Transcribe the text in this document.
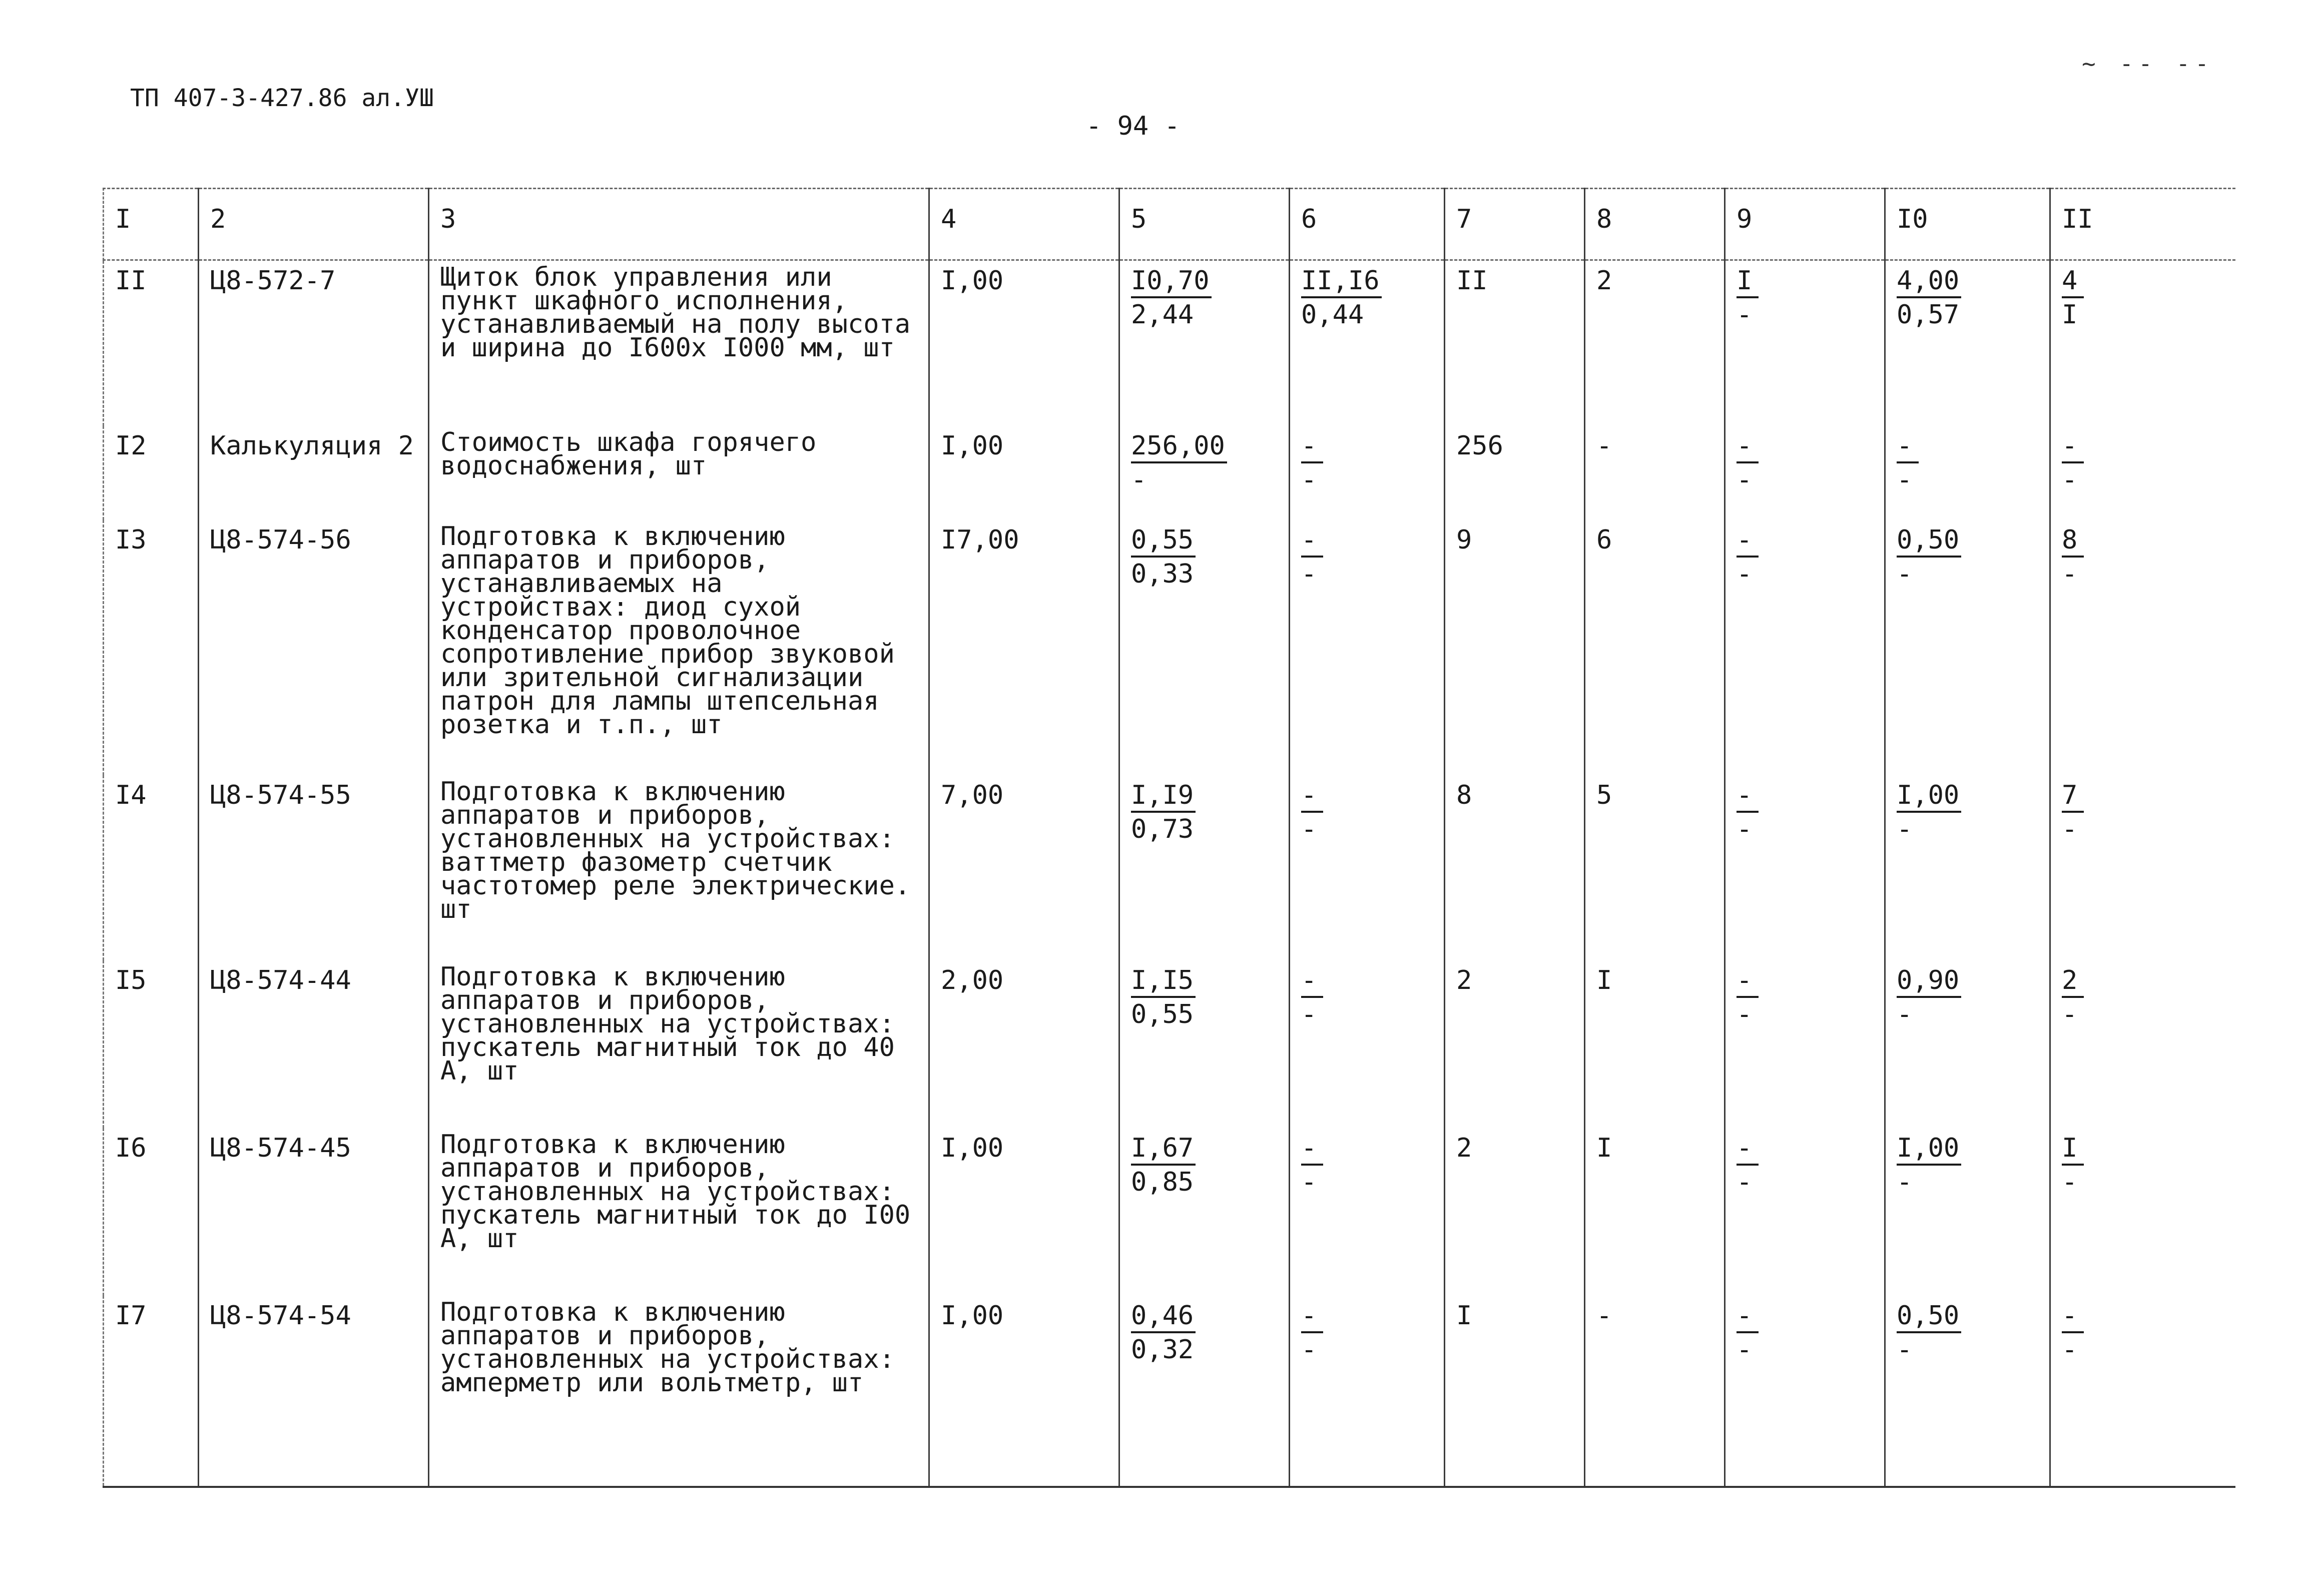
ТП 407-3-427.86 ал.УШ
- 94 -
~ -- --
I	2	3	4	5	6	7	8	9	I0	II
II	Ц8-572-7	Щиток блок управления или пункт шкафного исполнения, устанавливаемый на полу высота и ширина до I600х I000 мм, шт	I,00	$\frac{I0,70}{2,44}$	$\frac{II,I6}{0,44}$	II	2	$\frac{I}{-}$	$\frac{4,00}{0,57}$	$\frac{4}{I}$

I2	Калькуляция 2	Стоимость шкафа горячего водоснабжения, шт	I,00	$\frac{256,00}{-}$	$\frac{-}{-}$	256	-	$\frac{-}{-}$	$\frac{-}{-}$	$\frac{-}{-}$

I3	Ц8-574-56	Подготовка к включению аппаратов и приборов, устанавливаемых на устройствах: диод сухой конденсатор проволочное сопротивление прибор звуковой или зрительной сигнализации патрон для лампы штепсельная розетка и т.п., шт	I7,00	$\frac{0,55}{0,33}$	$\frac{-}{-}$	9	6	$\frac{-}{-}$	$\frac{0,50}{-}$	$\frac{8}{-}$

I4	Ц8-574-55	Подготовка к включению аппаратов и приборов, установленных на устройствах: ваттметр фазометр счетчик частотомер реле электрические. шт	7,00	$\frac{I,I9}{0,73}$	$\frac{-}{-}$	8	5	$\frac{-}{-}$	$\frac{I,00}{-}$	$\frac{7}{-}$

I5	Ц8-574-44	Подготовка к включению аппаратов и приборов, установленных на устройствах: пускатель магнитный ток до 40 А, шт	2,00	$\frac{I,I5}{0,55}$	$\frac{-}{-}$	2	I	$\frac{-}{-}$	$\frac{0,90}{-}$	$\frac{2}{-}$

I6	Ц8-574-45	Подготовка к включению аппаратов и приборов, установленных на устройствах: пускатель магнитный ток до I00 А, шт	I,00	$\frac{I,67}{0,85}$	$\frac{-}{-}$	2	I	$\frac{-}{-}$	$\frac{I,00}{-}$	$\frac{I}{-}$

I7	Ц8-574-54	Подготовка к включению аппаратов и приборов, установленных на устройствах: амперметр или вольтметр, шт	I,00	$\frac{0,46}{0,32}$	$\frac{-}{-}$	I	-	$\frac{-}{-}$	$\frac{0,50}{-}$	$\frac{-}{-}$
